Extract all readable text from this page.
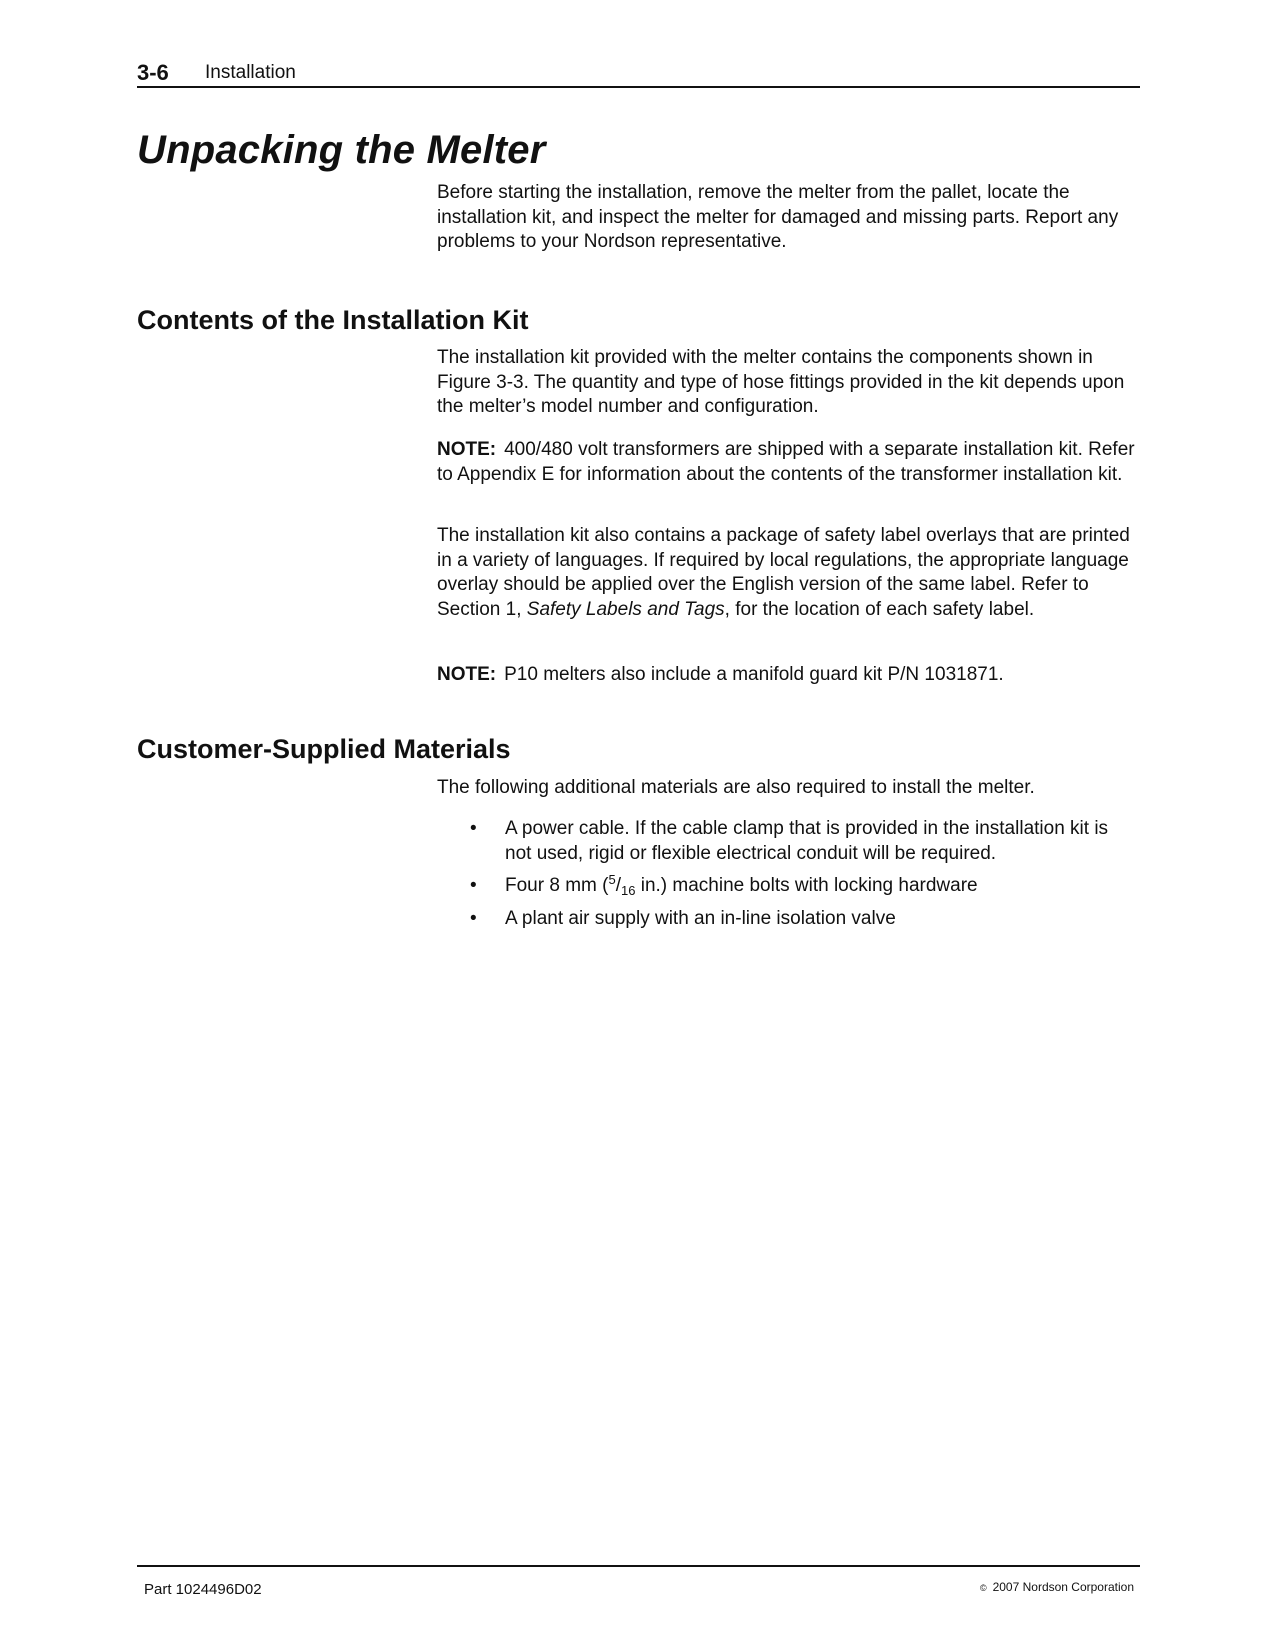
3-6 Installation
Unpacking the Melter

Before starting the installation, remove the melter from the pallet, locate the installation kit, and inspect the melter for damaged and missing parts. Report any problems to your Nordson representative.

Contents of the Installation Kit

The installation kit provided with the melter contains the components shown in Figure 3-3. The quantity and type of hose fittings provided in the kit depends upon the melter’s model number and configuration.

NOTE: 400/480 volt transformers are shipped with a separate installation kit. Refer to Appendix E for information about the contents of the transformer installation kit.

The installation kit also contains a package of safety label overlays that are printed in a variety of languages. If required by local regulations, the appropriate language overlay should be applied over the English version of the same label. Refer to Section 1, Safety Labels and Tags, for the location of each safety label.

NOTE: P10 melters also include a manifold guard kit P/N 1031871.

Customer-Supplied Materials

The following additional materials are also required to install the melter.

• A power cable. If the cable clamp that is provided in the installation kit is not used, rigid or flexible electrical conduit will be required.
• Four 8 mm ($^5/_{16}$ in.) machine bolts with locking hardware
• A plant air supply with an in-line isolation valve
Part 1024496D02	© 2007 Nordson Corporation
